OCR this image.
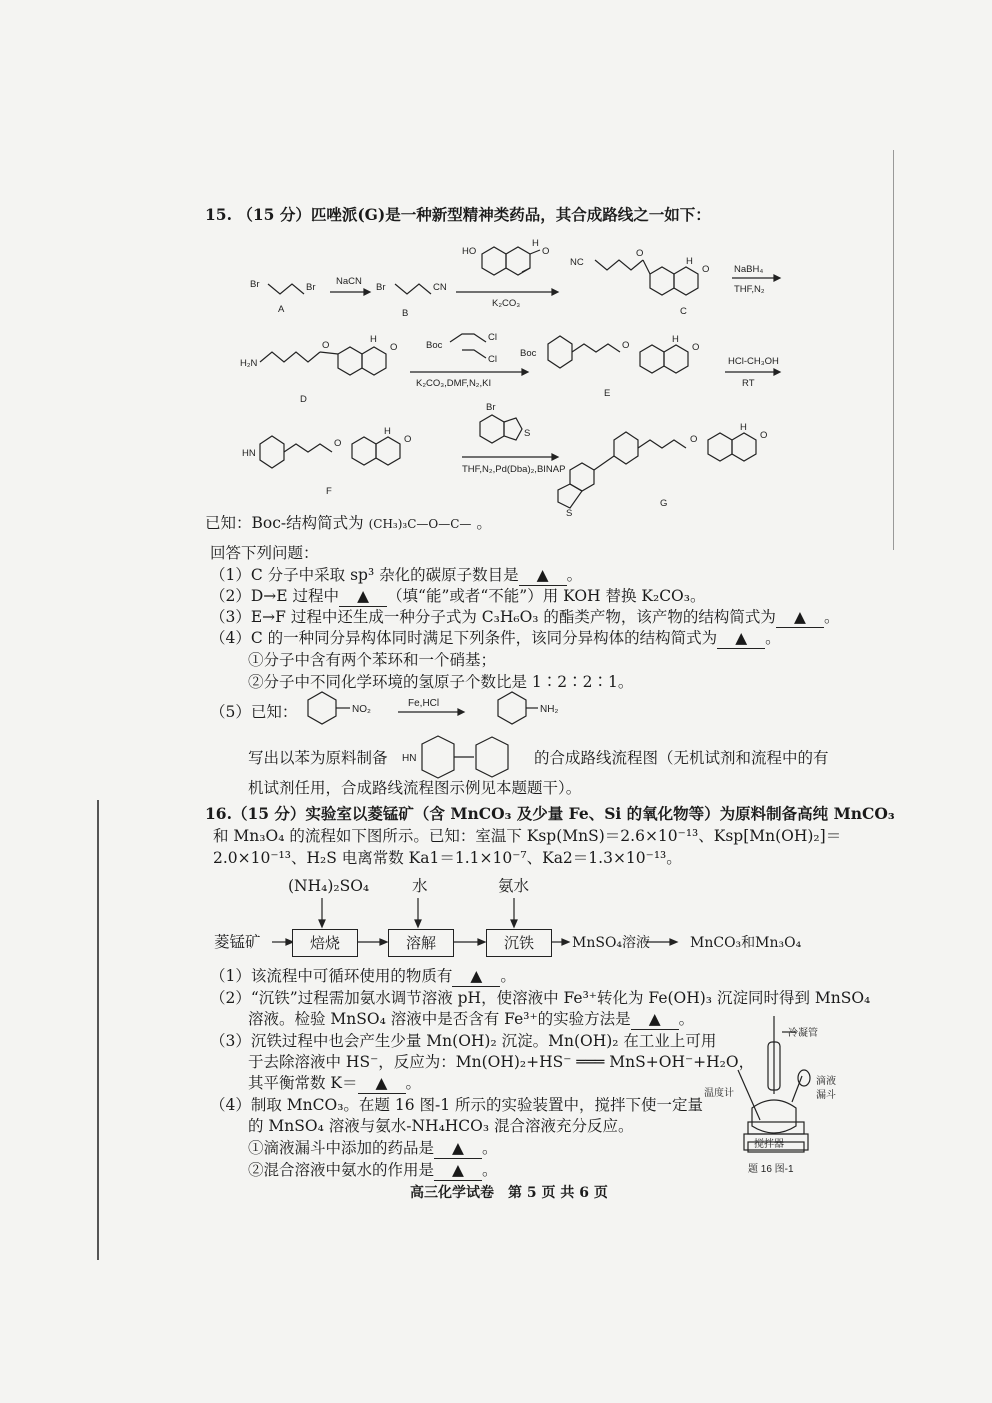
15. （15 分）匹唑派(G)是一种新型精神类药品，其合成路线之一如下：
Br	Br
A
NaCN
Br	CN
B
HO
H
O
K₂CO₃
NC
O
H
O
C
NaBH₄
THF,N₂
H₂N
O
H
O
D
Boc
Cl
Cl
K₂CO₃,DMF,N₂,KI
Boc
O
H
O
E
HCl-CH₃OH
RT
HN
O
H
O
F
Br
S
THF,N₂,Pd(Dba)₂,BINAP
S
O
H
O
G
已知：Boc-结构简式为 (CH₃)₃C—O—C— 。
回答下列问题：
（1）C 分子中采取 sp³ 杂化的碳原子数目是 ▲ 。
（2）D→E 过程中 ▲ （填“能”或者“不能”）用 KOH 替换 K₂CO₃。
（3）E→F 过程中还生成一种分子式为 C₃H₆O₃ 的酯类产物，该产物的结构简式为 ▲ 。
（4）C 的一种同分异构体同时满足下列条件，该同分异构体的结构简式为 ▲ 。
①分子中含有两个苯环和一个硝基；
②分子中不同化学环境的氢原子个数比是 1∶2∶2∶1。
（5）已知：	NO₂
Fe,HCl
NH₂
写出以苯为原料制备 HN	的合成路线流程图（无机试剂和流程中的有
机试剂任用，合成路线流程图示例见本题题干）。
16.（15 分）实验室以菱锰矿（含 MnCO₃ 及少量 Fe、Si 的氧化物等）为原料制备高纯 MnCO₃
和 Mn₃O₄ 的流程如下图所示。已知：室温下 Ksp(MnS)＝2.6×10⁻¹³、Ksp[Mn(OH)₂]＝
2.0×10⁻¹³、H₂S 电离常数 Ka1＝1.1×10⁻⁷、Ka2＝1.3×10⁻¹³。
(NH₄)₂SO₄	水	氨水
菱锰矿	焙烧	溶解	沉铁	MnSO₄溶液	MnCO₃和Mn₃O₄
（1）该流程中可循环使用的物质有 ▲ 。
（2）“沉铁”过程需加氨水调节溶液 pH，使溶液中 Fe³⁺转化为 Fe(OH)₃ 沉淀同时得到 MnSO₄
溶液。检验 MnSO₄ 溶液中是否含有 Fe³⁺的实验方法是 ▲ 。
（3）沉铁过程中也会产生少量 Mn(OH)₂ 沉淀。Mn(OH)₂ 在工业上可用
于去除溶液中 HS⁻，反应为：Mn(OH)₂+HS⁻ ═══ MnS+OH⁻+H₂O，
其平衡常数 K＝ ▲ 。
（4）制取 MnCO₃。在题 16 图-1 所示的实验装置中，搅拌下使一定量
的 MnSO₄ 溶液与氨水-NH₄HCO₃ 混合溶液充分反应。
①滴液漏斗中添加的药品是 ▲ 。
②混合溶液中氨水的作用是 ▲ 。
冷凝管
滴液
漏斗
温度计
搅拌器
题 16 图-1
高三化学试卷　第 5 页 共 6 页
